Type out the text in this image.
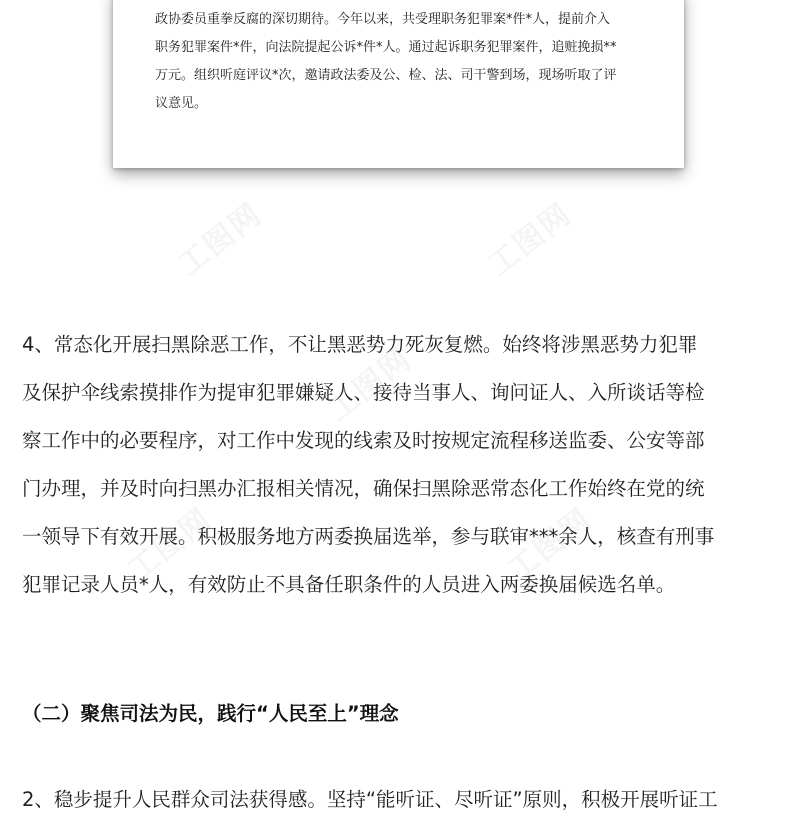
工图网	工图网
工图网
工图网	工图网
政协委员重拳反腐的深切期待。今年以来，共受理职务犯罪案*件*人，提前介入
职务犯罪案件*件，向法院提起公诉*件*人。通过起诉职务犯罪案件，追赃挽损**
万元。组织听庭评议*次，邀请政法委及公、检、法、司干警到场，现场听取了评
议意见。
4、常态化开展扫黑除恶工作，不让黑恶势力死灰复燃。始终将涉黑恶势力犯罪
及保护伞线索摸排作为提审犯罪嫌疑人、接待当事人、询问证人、入所谈话等检
察工作中的必要程序，对工作中发现的线索及时按规定流程移送监委、公安等部
门办理，并及时向扫黑办汇报相关情况，确保扫黑除恶常态化工作始终在党的统
一领导下有效开展。积极服务地方两委换届选举，参与联审***余人，核查有刑事
犯罪记录人员*人，有效防止不具备任职条件的人员进入两委换届候选名单。
（二）聚焦司法为民，践行“人民至上”理念
2、稳步提升人民群众司法获得感。坚持“能听证、尽听证”原则，积极开展听证工
